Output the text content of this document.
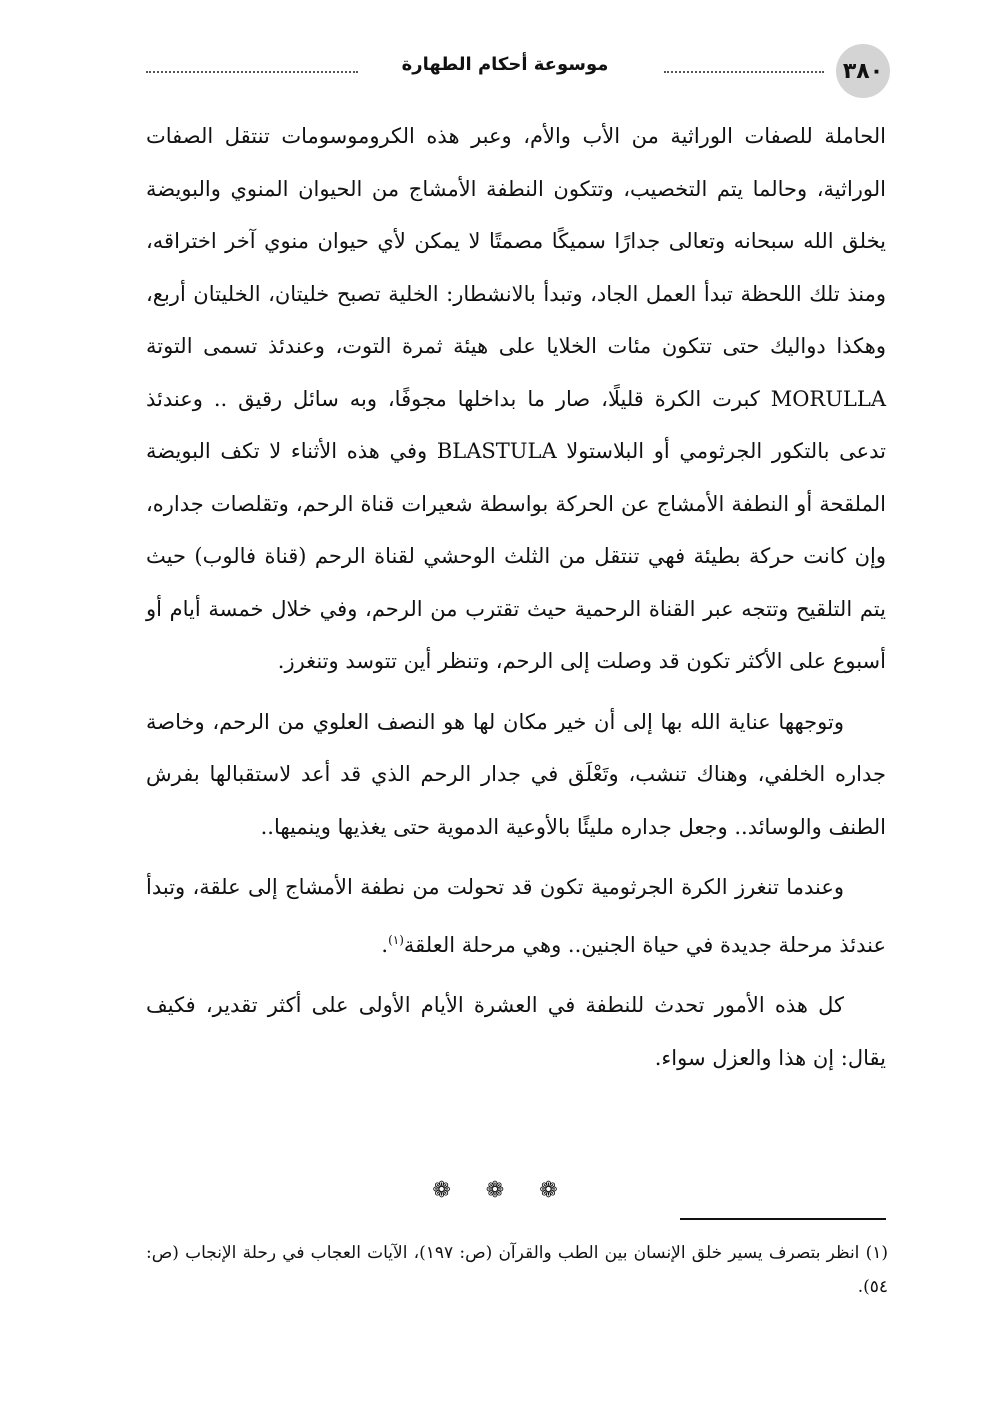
٣٨٠
موسوعة أحكام الطهارة

الحاملة للصفات الوراثية من الأب والأم، وعبر هذه الكروموسومات تنتقل الصفات الوراثية، وحالما يتم التخصيب، وتتكون النطفة الأمشاج من الحيوان المنوي والبويضة يخلق الله سبحانه وتعالى جدارًا سميكًا مصمتًا لا يمكن لأي حيوان منوي آخر اختراقه، ومنذ تلك اللحظة تبدأ العمل الجاد، وتبدأ بالانشطار: الخلية تصبح خليتان، الخليتان أربع، وهكذا دواليك حتى تتكون مئات الخلايا على هيئة ثمرة التوت، وعندئذ تسمى التوتة MORULLA كبرت الكرة قليلًا، صار ما بداخلها مجوفًا، وبه سائل رقيق .. وعندئذ تدعى بالتكور الجرثومي أو البلاستولا BLASTULA وفي هذه الأثناء لا تكف البويضة الملقحة أو النطفة الأمشاج عن الحركة بواسطة شعيرات قناة الرحم، وتقلصات جداره، وإن كانت حركة بطيئة فهي تنتقل من الثلث الوحشي لقناة الرحم (قناة فالوب) حيث يتم التلقيح وتتجه عبر القناة الرحمية حيث تقترب من الرحم، وفي خلال خمسة أيام أو أسبوع على الأكثر تكون قد وصلت إلى الرحم، وتنظر أين تتوسد وتنغرز.

وتوجهها عناية الله بها إلى أن خير مكان لها هو النصف العلوي من الرحم، وخاصة جداره الخلفي، وهناك تنشب، وتَعْلَق في جدار الرحم الذي قد أعد لاستقبالها بفرش الطنف والوسائد.. وجعل جداره مليئًا بالأوعية الدموية حتى يغذيها وينميها..

وعندما تنغرز الكرة الجرثومية تكون قد تحولت من نطفة الأمشاج إلى علقة، وتبدأ عندئذ مرحلة جديدة في حياة الجنين.. وهي مرحلة العلقة$^{(١)}$.

كل هذه الأمور تحدث للنطفة في العشرة الأيام الأولى على أكثر تقدير، فكيف يقال: إن هذا والعزل سواء.

❁ ❁ ❁

(١) انظر بتصرف يسير خلق الإنسان بين الطب والقرآن (ص: ١٩٧)، الآيات العجاب في رحلة الإنجاب (ص: ٥٤).
